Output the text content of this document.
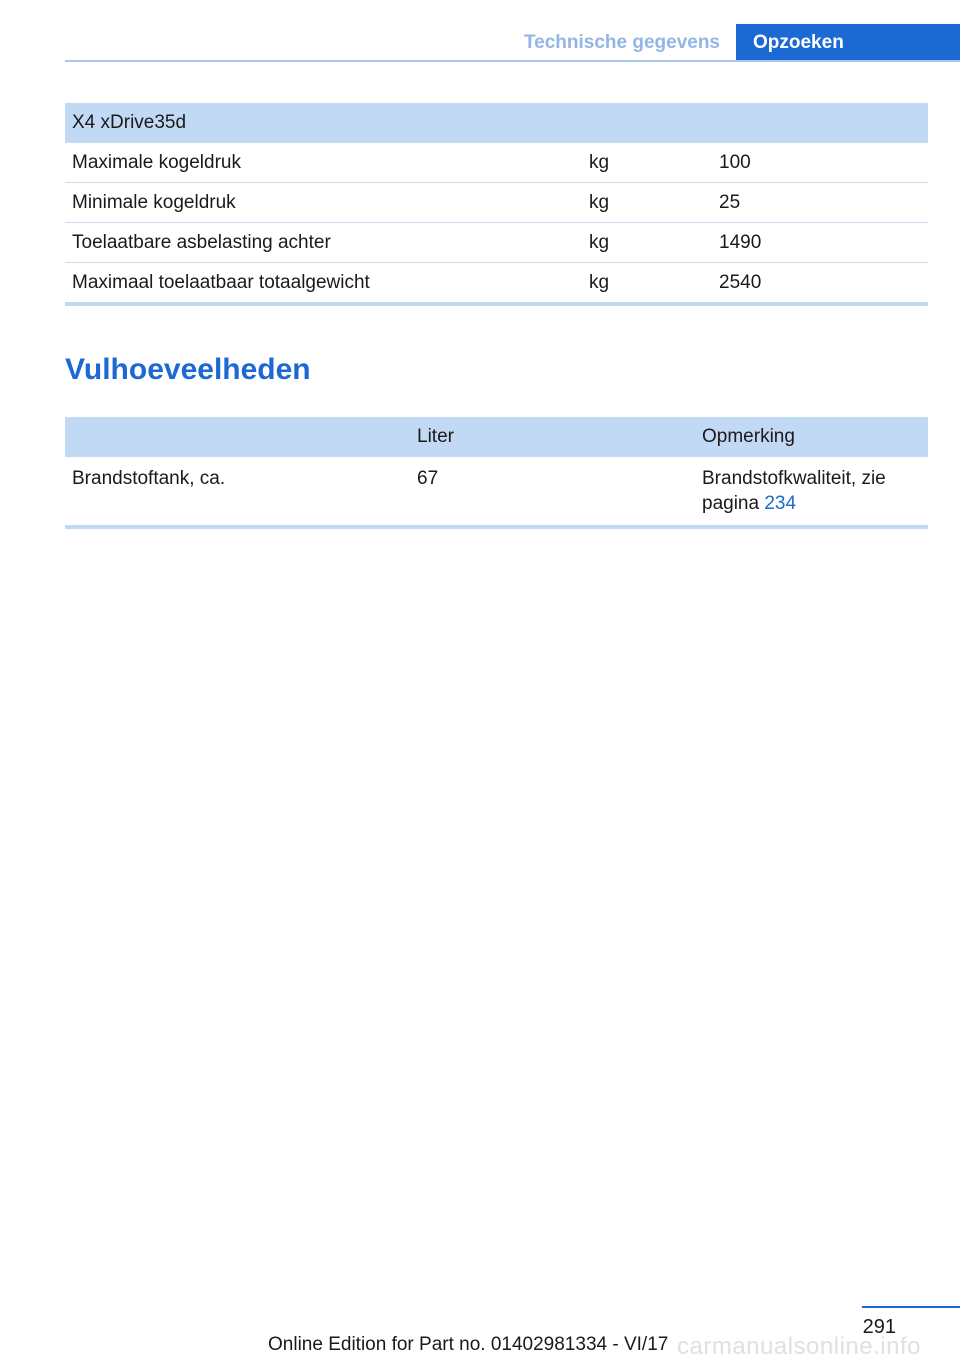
Technische gegevens	Opzoeken
X4 xDrive35d		
Maximale kogeldruk	kg	100
Minimale kogeldruk	kg	25
Toelaatbare asbelasting achter	kg	1490
Maximaal toelaatbaar totaalgewicht	kg	2540
Vulhoeveelheden
	Liter	Opmerking
Brandstoftank, ca.	67	Brandstofkwaliteit, zie pagina 234
291
Online Edition for Part no. 01402981334 - VI/17 carmanualsonline.info
